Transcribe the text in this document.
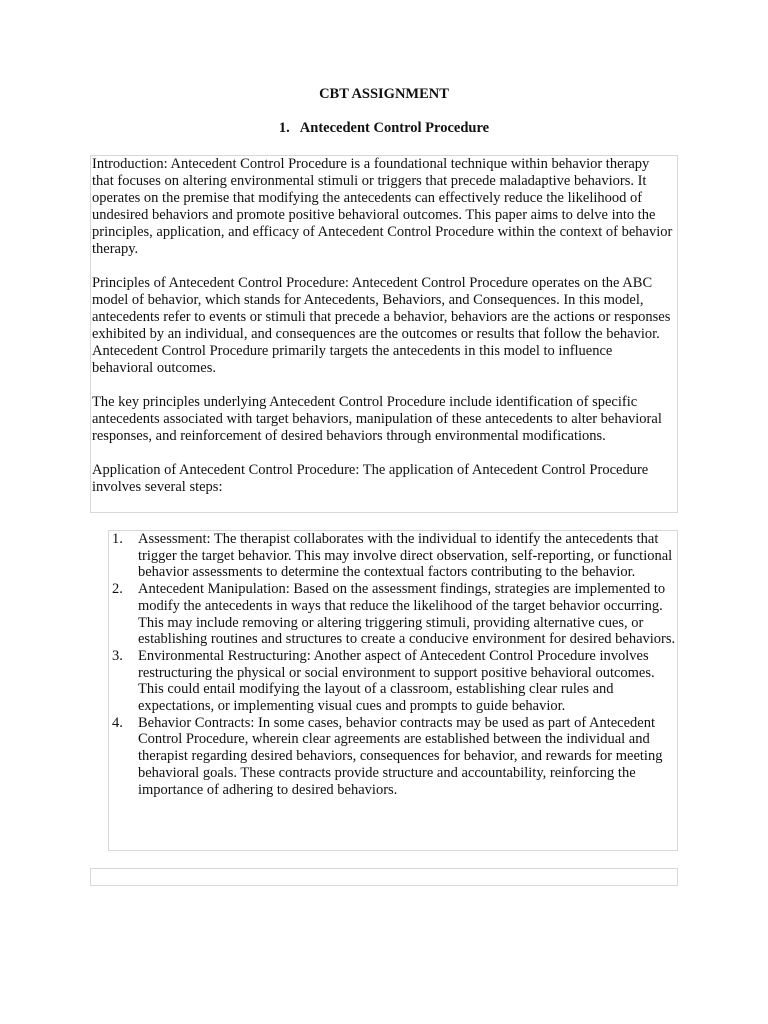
CBT ASSIGNMENT
1. Antecedent Control Procedure

Introduction: Antecedent Control Procedure is a foundational technique within behavior therapy that focuses on altering environmental stimuli or triggers that precede maladaptive behaviors. It operates on the premise that modifying the antecedents can effectively reduce the likelihood of undesired behaviors and promote positive behavioral outcomes. This paper aims to delve into the principles, application, and efficacy of Antecedent Control Procedure within the context of behavior therapy.

Principles of Antecedent Control Procedure: Antecedent Control Procedure operates on the ABC model of behavior, which stands for Antecedents, Behaviors, and Consequences. In this model, antecedents refer to events or stimuli that precede a behavior, behaviors are the actions or responses exhibited by an individual, and consequences are the outcomes or results that follow the behavior. Antecedent Control Procedure primarily targets the antecedents in this model to influence behavioral outcomes.

The key principles underlying Antecedent Control Procedure include identification of specific antecedents associated with target behaviors, manipulation of these antecedents to alter behavioral responses, and reinforcement of desired behaviors through environmental modifications.

Application of Antecedent Control Procedure: The application of Antecedent Control Procedure involves several steps:

1. Assessment: The therapist collaborates with the individual to identify the antecedents that trigger the target behavior. This may involve direct observation, self-reporting, or functional behavior assessments to determine the contextual factors contributing to the behavior.
2. Antecedent Manipulation: Based on the assessment findings, strategies are implemented to modify the antecedents in ways that reduce the likelihood of the target behavior occurring. This may include removing or altering triggering stimuli, providing alternative cues, or establishing routines and structures to create a conducive environment for desired behaviors.
3. Environmental Restructuring: Another aspect of Antecedent Control Procedure involves restructuring the physical or social environment to support positive behavioral outcomes. This could entail modifying the layout of a classroom, establishing clear rules and expectations, or implementing visual cues and prompts to guide behavior.
4. Behavior Contracts: In some cases, behavior contracts may be used as part of Antecedent Control Procedure, wherein clear agreements are established between the individual and therapist regarding desired behaviors, consequences for behavior, and rewards for meeting behavioral goals. These contracts provide structure and accountability, reinforcing the importance of adhering to desired behaviors.
